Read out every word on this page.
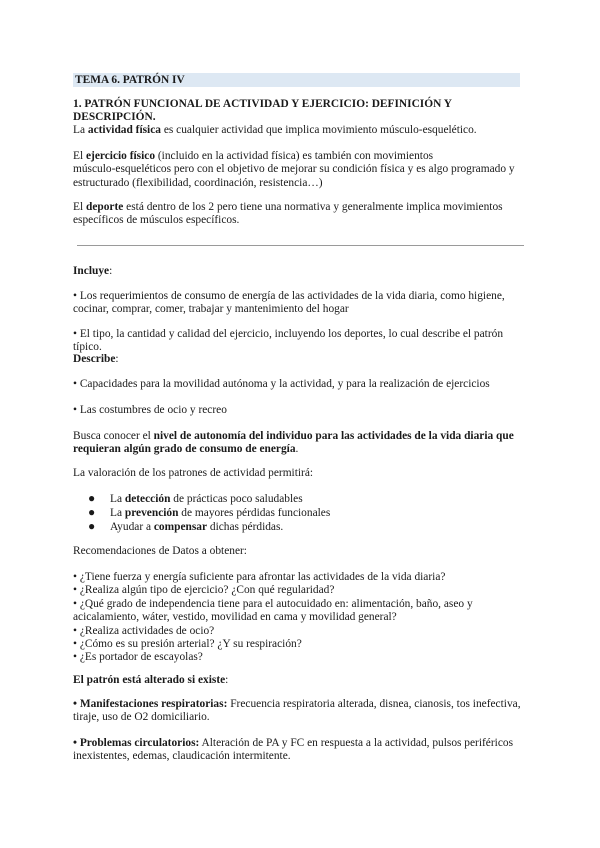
TEMA 6. PATRÓN IV
1. PATRÓN FUNCIONAL DE ACTIVIDAD Y EJERCICIO: DEFINICIÓN Y DESCRIPCIÓN.
La actividad física es cualquier actividad que implica movimiento músculo-esquelético.
El ejercicio físico (incluido en la actividad física) es también con movimientos
músculo-esqueléticos pero con el objetivo de mejorar su condición física y es algo programado y
estructurado (flexibilidad, coordinación, resistencia…)
El deporte está dentro de los 2 pero tiene una normativa y generalmente implica movimientos
específicos de músculos específicos.
Incluye:
• Los requerimientos de consumo de energía de las actividades de la vida diaria, como higiene,
cocinar, comprar, comer, trabajar y mantenimiento del hogar
• El tipo, la cantidad y calidad del ejercicio, incluyendo los deportes, lo cual describe el patrón típico.
Describe:
• Capacidades para la movilidad autónoma y la actividad, y para la realización de ejercicios
• Las costumbres de ocio y recreo
Busca conocer el nivel de autonomía del individuo para las actividades de la vida diaria que
requieran algún grado de consumo de energía.
La valoración de los patrones de actividad permitirá:
● La detección de prácticas poco saludables
● La prevención de mayores pérdidas funcionales
● Ayudar a compensar dichas pérdidas.
Recomendaciones de Datos a obtener:
• ¿Tiene fuerza y energía suficiente para afrontar las actividades de la vida diaria?
• ¿Realiza algún tipo de ejercicio? ¿Con qué regularidad?
• ¿Qué grado de independencia tiene para el autocuidado en: alimentación, baño, aseo y
acicalamiento, wáter, vestido, movilidad en cama y movilidad general?
• ¿Realiza actividades de ocio?
• ¿Cómo es su presión arterial? ¿Y su respiración?
• ¿Es portador de escayolas?
El patrón está alterado si existe:
• Manifestaciones respiratorias: Frecuencia respiratoria alterada, disnea, cianosis, tos inefectiva,
tiraje, uso de O2 domiciliario.
• Problemas circulatorios: Alteración de PA y FC en respuesta a la actividad, pulsos periféricos
inexistentes, edemas, claudicación intermitente.
